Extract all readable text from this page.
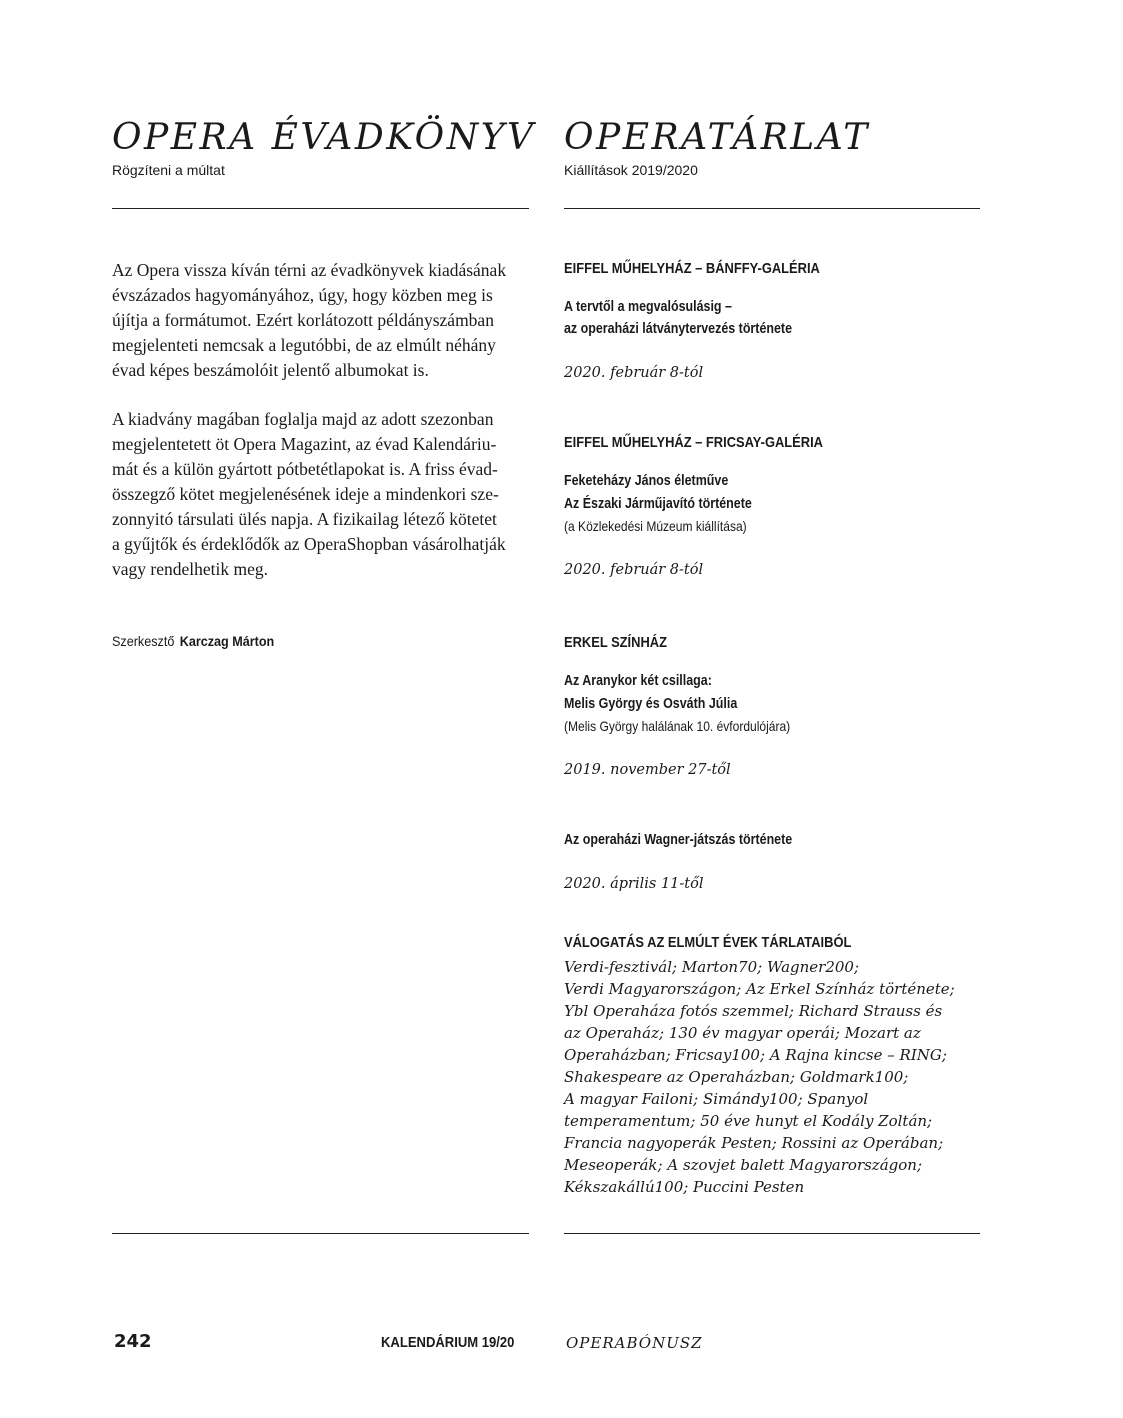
OPERA ÉVADKÖNYV
Rögzíteni a múltat

Az Opera vissza kíván térni az évadkönyvek kiadásának

évszázados hagyományához, úgy, hogy közben meg is

újítja a formátumot. Ezért korlátozott példányszámban

megjelenteti nemcsak a legutóbbi, de az elmúlt néhány

évad képes beszámolóit jelentő albumokat is.

A kiadvány magában foglalja majd az adott szezonban

megjelentetett öt Opera Magazint, az évad Kalendáriu-

mát és a külön gyártott pótbetétlapokat is. A friss évad-

összegző kötet megjelenésének ideje a mindenkori sze-

zonnyitó társulati ülés napja. A fizikailag létező kötetet

a gyűjtők és érdeklődők az OperaShopban vásárolhatják

vagy rendelhetik meg.

Szerkesztő Karczag Márton
OPERATÁRLAT
Kiállítások 2019/2020
EIFFEL MŰHELYHÁZ – BÁNFFY-GALÉRIA
A tervtől a megvalósulásig –
az operaházi látványtervezés története
2020. február 8-tól
EIFFEL MŰHELYHÁZ – FRICSAY-GALÉRIA
Feketeházy János életműve
Az Északi Járműjavító története
(a Közlekedési Múzeum kiállítása)
2020. február 8-tól
ERKEL SZÍNHÁZ
Az Aranykor két csillaga:
Melis György és Osváth Júlia
(Melis György halálának 10. évfordulójára)
2019. november 27-től
Az operaházi Wagner-játszás története
2020. április 11-től
VÁLOGATÁS AZ ELMÚLT ÉVEK TÁRLATAIBÓL
Verdi-fesztivál; Marton70; Wagner200;
Verdi Magyarországon; Az Erkel Színház története;
Ybl Operaháza fotós szemmel; Richard Strauss és
az Operaház; 130 év magyar operái; Mozart az
Operaházban; Fricsay100; A Rajna kincse – RING;
Shakespeare az Operaházban; Goldmark100;
A magyar Failoni; Simándy100; Spanyol
temperamentum; 50 éve hunyt el Kodály Zoltán;
Francia nagyoperák Pesten; Rossini az Operában;
Meseoperák; A szovjet balett Magyarországon;
Kékszakállú100; Puccini Pesten
242	KALENDÁRIUM 19/20	OPERABÓNUSZ
